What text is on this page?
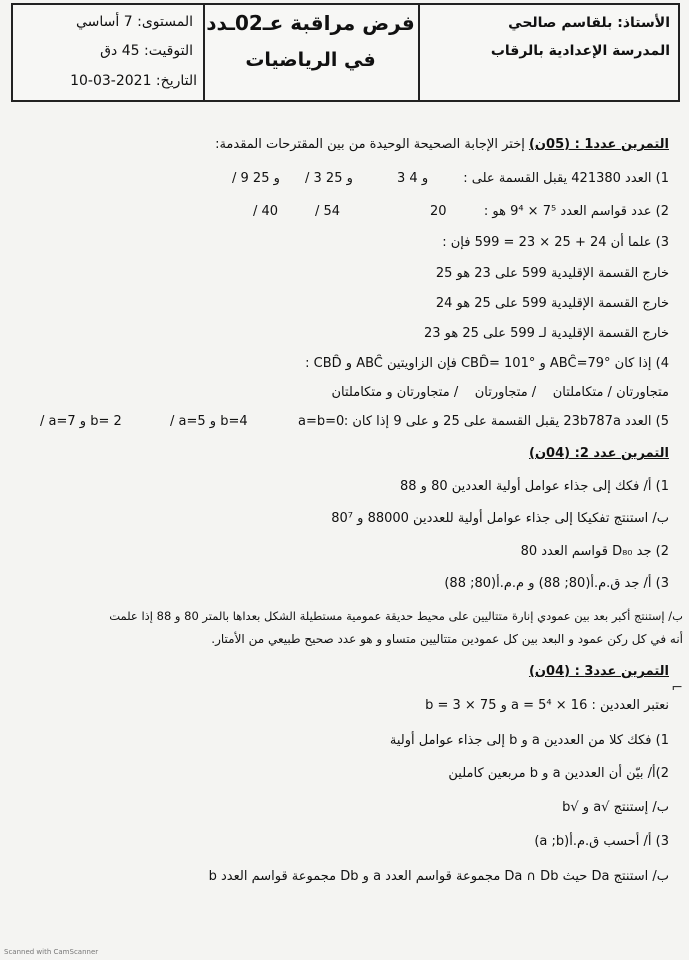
المستوى: 7 أساسي
التوقيت: 45 دق
التاريخ: 2021-03-10
فرض مراقبة عـ02ـدد
في الرياضيات
الأستاذ: بلقاسم صالحي
المدرسة الإعدادية بالرقاب
التمرين عدد1 : (05ن) إختر الإجابة الصحيحة الوحيدة من بين المقترحات المقدمة:
1) العدد 421380 يقبل القسمة على :
3 و 4
/ 3 و 25
/ 9 و 25
2) عدد قواسم العدد 7⁵ × 9⁴ هو :
20
/ 54
/ 40
3) علما أن 24 + 25 × 23 = 599 فإن :
خارج القسمة الإقليدية 599 على 23 هو 25
خارج القسمة الإقليدية 599 على 25 هو 24
خارج القسمة الإقليدية لـ 599 على 25 هو 23
4) إذا كان °79=ABC̑ و °101 =CBD̑ فإن الزاويتين ABC̑ و CBD̑ :
متجاورتان / متكاملتان    / متجاورتان    / متجاورتان و متكاملتان
5) العدد 23b787a يقبل القسمة على 25 و على 9 إذا كان :
a=b=0
/ a=5 و b=4
/ a=7 و b= 2
التمرين عدد 2: (04ن)
1) أ/ فكك إلى جذاء عوامل أولية العددين 80 و 88
ب/ استنتج تفكيكا إلى جذاء عوامل أولية للعددين 88000 و 80⁷
2) جد D₈₀ قواسم العدد 80
3) أ/ جد ق.م.أ(80; 88) و م.م.أ(80; 88)
ب/ إستنتج أكبر بعد بين عمودي إنارة متتاليين على محيط حديقة عمومية مستطيلة الشكل بعداها بالمتر 80 و 88 إذا علمت
أنه في كل ركن عمود و البعد بين كل عمودين متتاليين متساو و هو عدد صحيح طبيعي من الأمتار.
التمرين عدد3 : (04ن)
نعتبر العددين : a = 5⁴ × 16 و b = 3 × 75
1) فكك كلا من العددين a و b إلى جذاء عوامل أولية
2)أ/ بيّن أن العددين a و b مربعين كاملين
ب/ إستنتج √a و √b
3) أ/ أحسب ق.م.أ(a ;b)
ب/ استنتج Da حيث Da ∩ Db مجموعة قواسم العدد a و Db مجموعة قواسم العدد b
⌐
Scanned with CamScanner
